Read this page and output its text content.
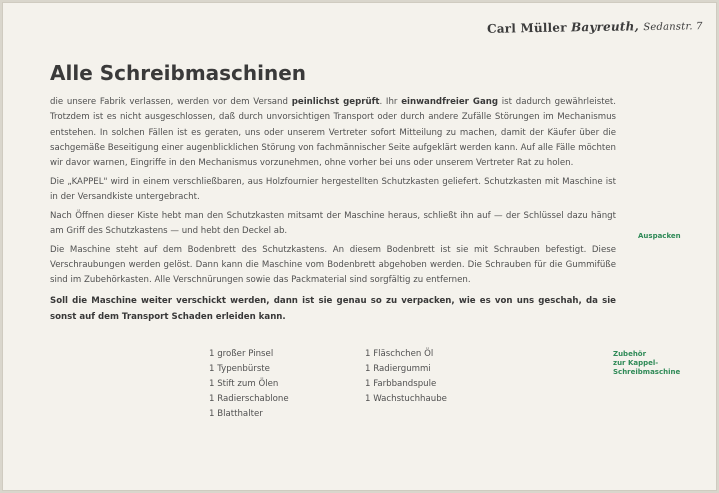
Carl Müller Bayreuth, Sedanstr. 7
Alle Schreibmaschinen

die unsere Fabrik verlassen, werden vor dem Versand peinlichst geprüft. Ihr einwandfreier Gang ist dadurch gewährleistet. Trotzdem ist es nicht ausgeschlossen, daß durch unvorsichtigen Transport oder durch andere Zufälle Störungen im Mechanismus entstehen. In solchen Fällen ist es geraten, uns oder unserem Vertreter sofort Mitteilung zu machen, damit der Käufer über die sachgemäße Beseitigung einer augenblicklichen Störung von fachmännischer Seite aufgeklärt werden kann. Auf alle Fälle möchten wir davor warnen, Eingriffe in den Mechanismus vorzunehmen, ohne vorher bei uns oder unserem Vertreter Rat zu holen.

Die „KAPPEL" wird in einem verschließbaren, aus Holzfournier hergestellten Schutzkasten geliefert. Schutzkasten mit Maschine ist in der Versandkiste untergebracht.

Nach Öffnen dieser Kiste hebt man den Schutzkasten mitsamt der Maschine heraus, schließt ihn auf — der Schlüssel dazu hängt am Griff des Schutzkastens — und hebt den Deckel ab.

Die Maschine steht auf dem Bodenbrett des Schutzkastens. An diesem Bodenbrett ist sie mit Schrauben befestigt. Diese Verschraubungen werden gelöst. Dann kann die Maschine vom Bodenbrett abgehoben werden. Die Schrauben für die Gummifüße sind im Zubehörkasten. Alle Verschnürungen sowie das Packmaterial sind sorgfältig zu entfernen.

Soll die Maschine weiter verschickt werden, dann ist sie genau so zu verpacken, wie es von uns geschah, da sie sonst auf dem Transport Schaden erleiden kann.

Auspacken
Zubehör
zur Kappel-
Schreibmaschine
1 großer Pinsel
1 Typenbürste
1 Stift zum Ölen
1 Radierschablone
1 Blatthalter
1 Fläschchen Öl
1 Radiergummi
1 Farbbandspule
1 Wachstuchhaube
